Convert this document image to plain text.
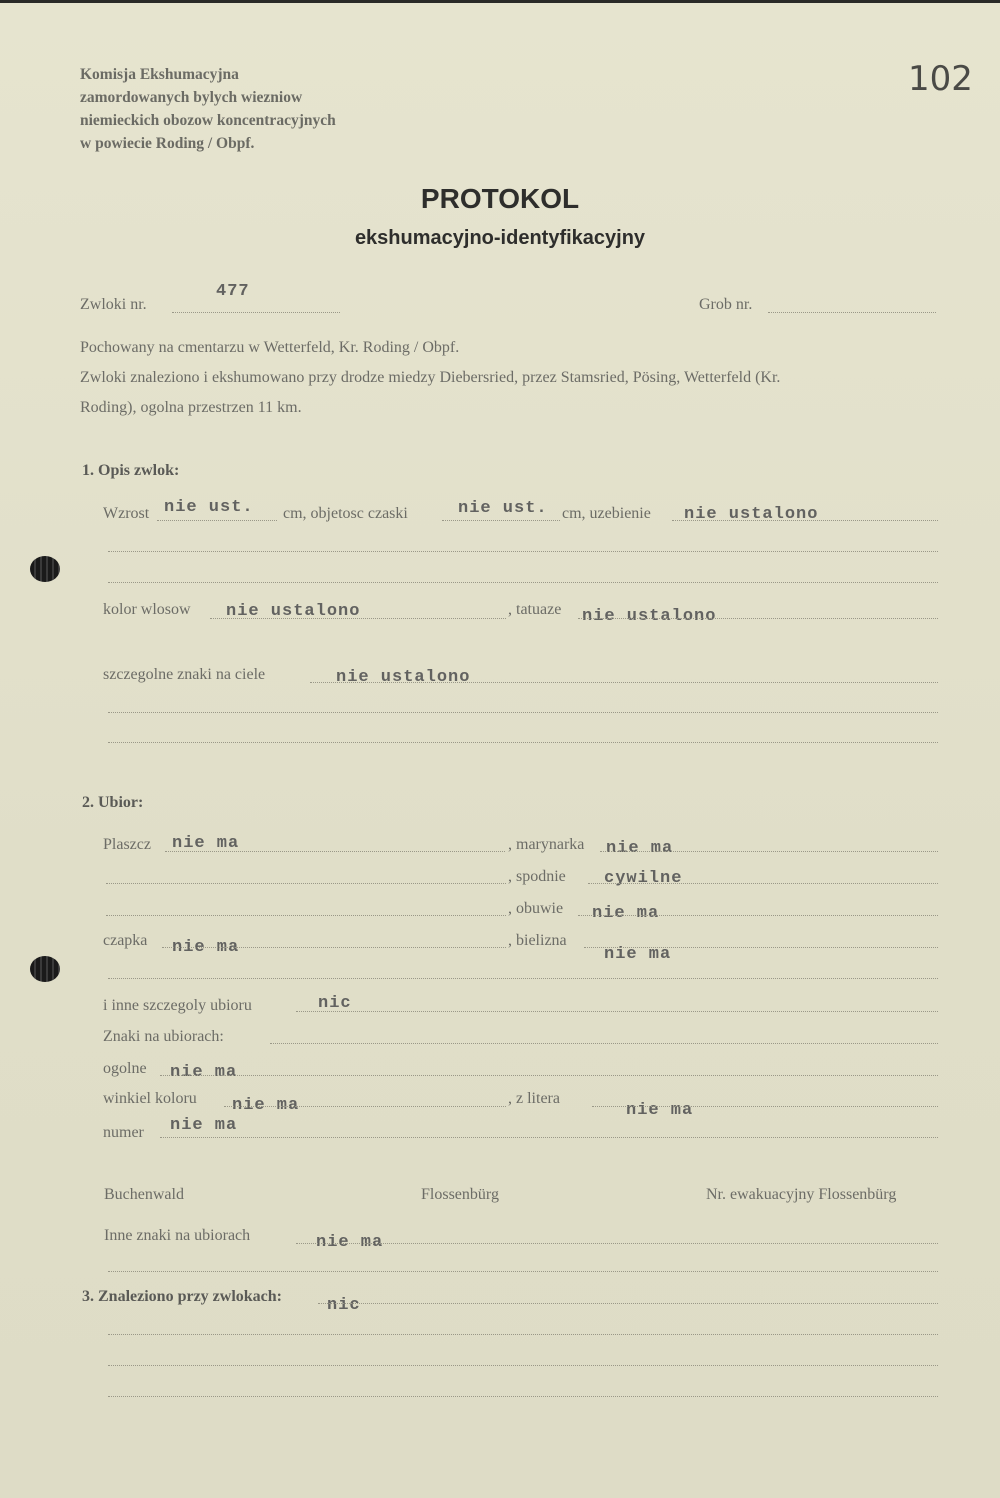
Komisja Ekshumacyjna
zamordowanych bylych wiezniow
niemieckich obozow koncentracyjnych
w powiecie Roding / Obpf.
102
PROTOKOL
ekshumacyjno-identyfikacyjny
Zwloki nr.
477
Grob nr.
Pochowany na cmentarzu w Wetterfeld, Kr. Roding / Obpf.
Zwloki znaleziono i ekshumowano przy drodze miedzy Diebersried, przez Stamsried, Pösing, Wetterfeld (Kr.
Roding), ogolna przestrzen 11 km.
1. Opis zwlok:
Wzrost nie ust. cm, objetosc czaski	nie ust. cm, uzebienie nie ustalono
kolor wlosow nie ustalono	, tatuaze nie ustalono
szczegolne znaki na ciele	nie ustalono
2. Ubior:
Plaszcz nie ma	, marynarka nie ma
, spodnie cywilne
, obuwie nie ma
czapka nie ma	, bielizna
nie ma
i inne szczegoly ubioru	nic
Znaki na ubiorach:
ogolne nie ma
winkiel koloru nie ma	, z litera
nie ma
numer nie ma
Buchenwald	Flossenbürg	Nr. ewakuacyjny Flossenbürg
Inne znaki na ubiorach	nie ma
3. Znaleziono przy zwlokach:	nic
